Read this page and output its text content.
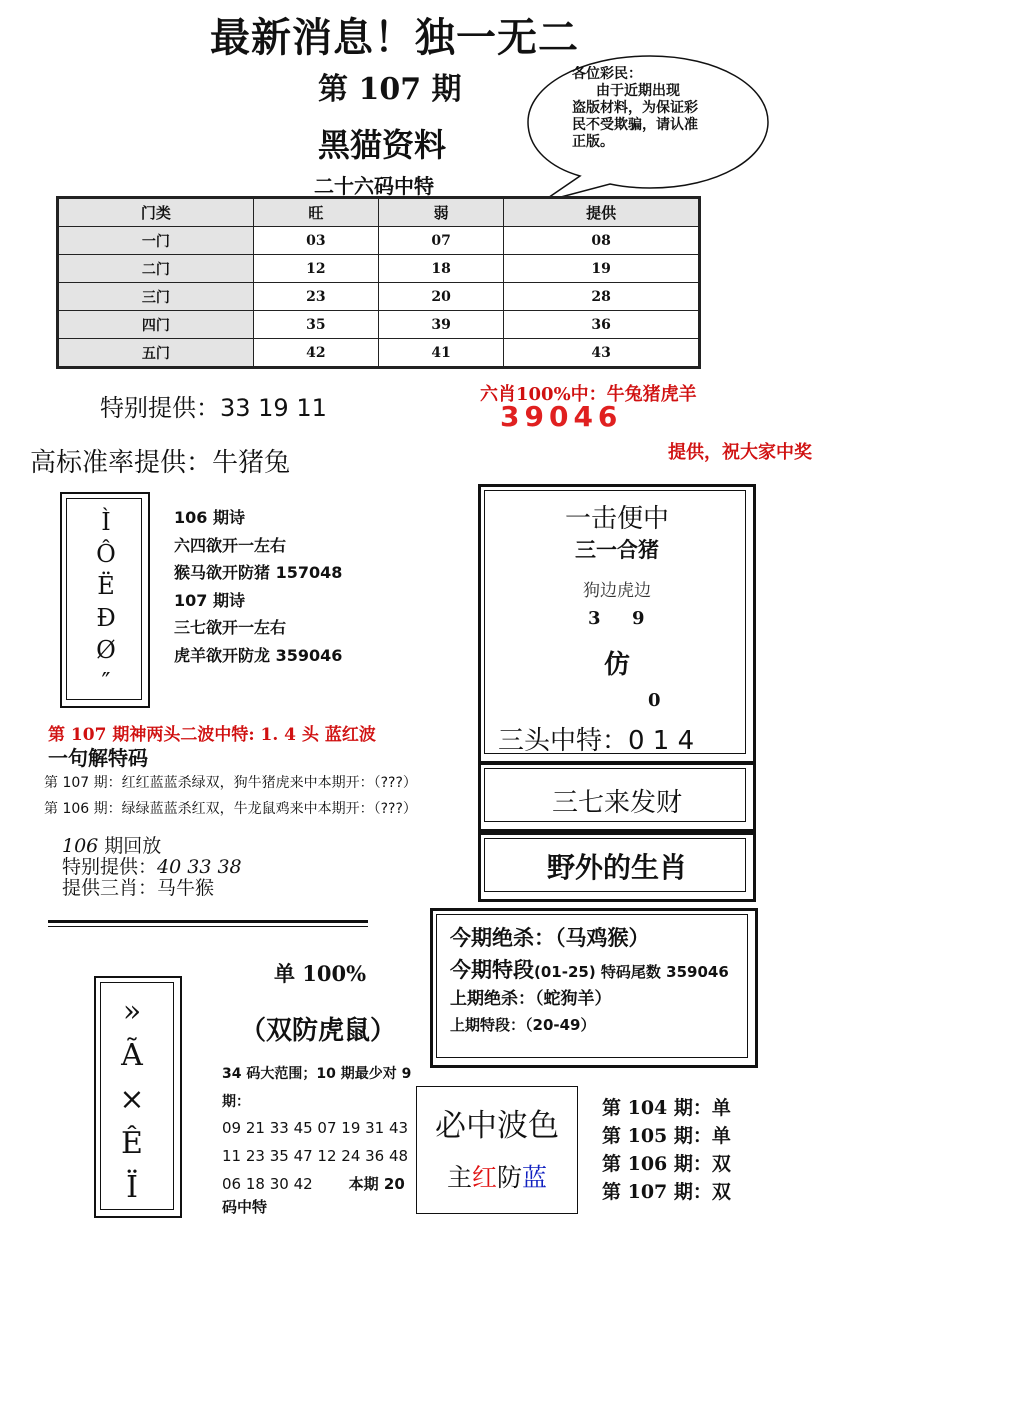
最新消息！独一无二
第 107 期
黑猫资料
二十六码中特
各位彩民：
由于近期出现
盗版材料，为保证彩
民不受欺骗，请认准
正版。
门类	旺	弱	提供
一门	03	07	08
二门	12	18	19
三门	23	20	28
四门	35	39	36
五门	42	41	43
特别提供：33 19 11	六肖100%中：牛兔猪虎羊
39046
提供，祝大家中奖
高标准率提供：牛猪兔
Ì
Ô
Ë
Ð
Ø
″
106 期诗
六四欲开一左右
猴马欲开防猪 157048
107 期诗
三七欲开一左右
虎羊欲开防龙 359046
一击便中
三一合猪
狗边虎边
3 9
仿
0
三头中特：0 1 4
三七来发财
野外的生肖
第 107 期神两头二波中特: 1. 4 头 蓝红波
一句解特码
第 107 期：红红蓝蓝杀绿双，狗牛猪虎来中本期开：（???）
第 106 期：绿绿蓝蓝杀红双，牛龙鼠鸡来中本期开：（???）
106 期回放
特别提供：40 33 38
提供三肖：马牛猴
今期绝杀：（马鸡猴）
今期特段(01-25) 特码尾数 359046
上期绝杀：（蛇狗羊）
上期特段：（20-49）
»
Ã
×
Ê
Ï
单 100%
（双防虎鼠）
34 码大范围；10 期最少对 9 期：
09 21 33 45 07 19 31 43
11 23 35 47 12 24 36 48
06 18 30 42 本期 20
码中特
必中波色
主红防蓝
第 104 期：单
第 105 期：单
第 106 期：双
第 107 期：双
